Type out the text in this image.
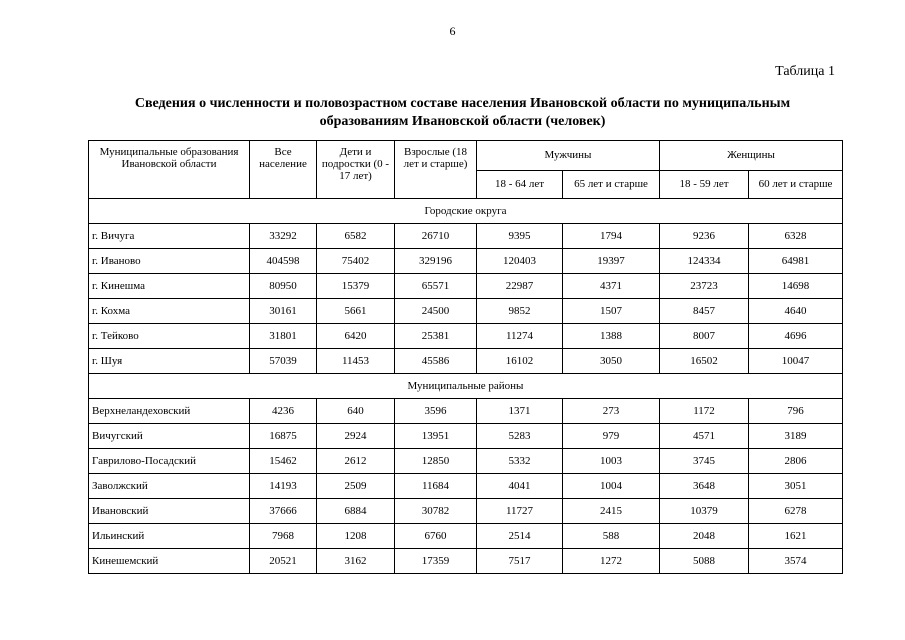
6
Таблица 1
Сведения о численности и половозрастном составе населения Ивановской области по муниципальным
образованиям Ивановской области (человек)
Муниципальные образования Ивановской области	Все население	Дети и подростки (0 - 17 лет)	Взрослые (18 лет и старше)	Мужчины		Женщины	
				18 - 64 лет	65 лет и старше	18 - 59 лет	60 лет и старше
Городские округа							
г. Вичуга	33292	6582	26710	9395	1794	9236	6328
г. Иваново	404598	75402	329196	120403	19397	124334	64981
г. Кинешма	80950	15379	65571	22987	4371	23723	14698
г. Кохма	30161	5661	24500	9852	1507	8457	4640
г. Тейково	31801	6420	25381	11274	1388	8007	4696
г. Шуя	57039	11453	45586	16102	3050	16502	10047
Муниципальные районы							
Верхнеландеховский	4236	640	3596	1371	273	1172	796
Вичугский	16875	2924	13951	5283	979	4571	3189
Гаврилово-Посадский	15462	2612	12850	5332	1003	3745	2806
Заволжский	14193	2509	11684	4041	1004	3648	3051
Ивановский	37666	6884	30782	11727	2415	10379	6278
Ильинский	7968	1208	6760	2514	588	2048	1621
Кинешемский	20521	3162	17359	7517	1272	5088	3574
